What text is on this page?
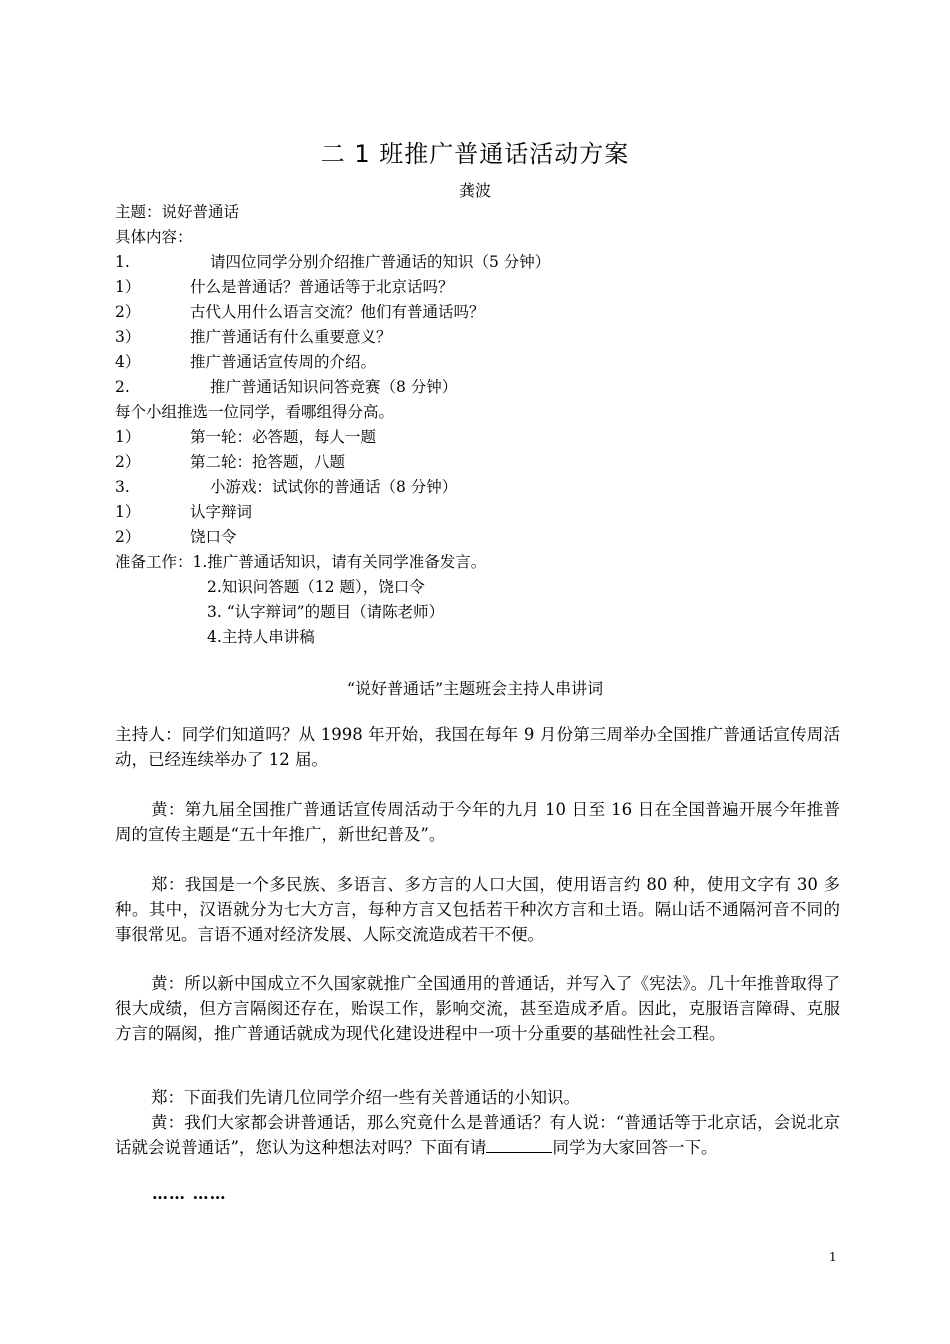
二 1 班推广普通话活动方案
龚波
主题：说好普通话
具体内容：
1.	请四位同学分别介绍推广普通话的知识（5 分钟）
1）	什么是普通话？普通话等于北京话吗？
2）	古代人用什么语言交流？他们有普通话吗？
3）	推广普通话有什么重要意义？
4）	推广普通话宣传周的介绍。
2.	推广普通话知识问答竞赛（8 分钟）
每个小组推选一位同学，看哪组得分高。
1）	第一轮：必答题，每人一题
2）	第二轮：抢答题，八题
3.	小游戏：试试你的普通话（8 分钟）
1）	认字辩词
2）	饶口令
准备工作：1.推广普通话知识，请有关同学准备发言。
2.知识问答题（12 题），饶口令
3. “认字辩词”的题目（请陈老师）
4.主持人串讲稿
“说好普通话”主题班会主持人串讲词
主持人：同学们知道吗？从 1998 年开始，我国在每年 9 月份第三周举办全国推广普通话宣传周活动，已经连续举办了 12 届。
黄：第九届全国推广普通话宣传周活动于今年的九月 10 日至 16 日在全国普遍开展今年推普周的宣传主题是“五十年推广，新世纪普及”。
郑：我国是一个多民族、多语言、多方言的人口大国，使用语言约 80 种，使用文字有 30 多种。其中，汉语就分为七大方言，每种方言又包括若干种次方言和土语。隔山话不通隔河音不同的事很常见。言语不通对经济发展、人际交流造成若干不便。
黄：所以新中国成立不久国家就推广全国通用的普通话，并写入了《宪法》。几十年推普取得了很大成绩，但方言隔阂还存在，贻误工作，影响交流，甚至造成矛盾。因此，克服语言障碍、克服方言的隔阂，推广普通话就成为现代化建设进程中一项十分重要的基础性社会工程。
郑：下面我们先请几位同学介绍一些有关普通话的小知识。
黄：我们大家都会讲普通话，那么究竟什么是普通话？有人说：“普通话等于北京话，会说北京话就会说普通话”，您认为这种想法对吗？下面有请	同学为大家回答一下。
…… ……
1
